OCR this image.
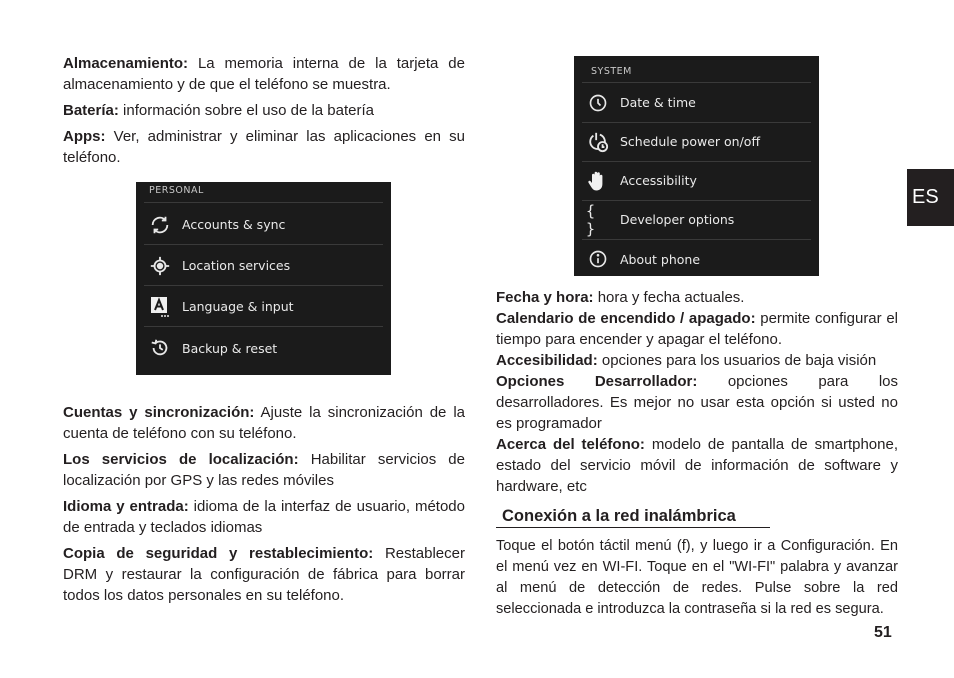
Almacenamiento: La memoria interna de la tarjeta de almacenamiento y de que el teléfono se muestra.

Batería: información sobre el uso de la batería

Apps: Ver, administrar y eliminar las aplicaciones en su teléfono.

PERSONAL
Accounts & sync
Location services
Language & input
Backup & reset

Cuentas y sincronización: Ajuste la sincronización de la cuenta de teléfono con su teléfono.

Los servicios de localización: Habilitar servicios de localización por GPS y las redes móviles

Idioma y entrada: idioma de la interfaz de usuario, método de entrada y teclados idiomas

Copia de seguridad y restablecimiento: Restablecer DRM y restaurar la configuración de fábrica para borrar todos los datos personales en su teléfono.

SYSTEM
Date & time
Schedule power on/off
Accessibility
{ }	Developer options
About phone

Fecha y hora: hora y fecha actuales.

Calendario de encendido / apagado: permite configurar el tiempo para encender y apagar el teléfono.

Accesibilidad: opciones para los usuarios de baja visión

Opciones Desarrollador: opciones para los desarrolladores. Es mejor no usar esta opción si usted no es programador

Acerca del teléfono: modelo de pantalla de smartphone, estado del servicio móvil de información de software y hardware, etc

Conexión a la red inalámbrica

Toque el botón táctil menú (f), y luego ir a Configuración. En el menú vez en WI-FI. Toque en el "WI-FI" palabra y avanzar al menú de detección de redes. Pulse sobre la red seleccionada e introduzca la contraseña si la red es segura.

ES
51
